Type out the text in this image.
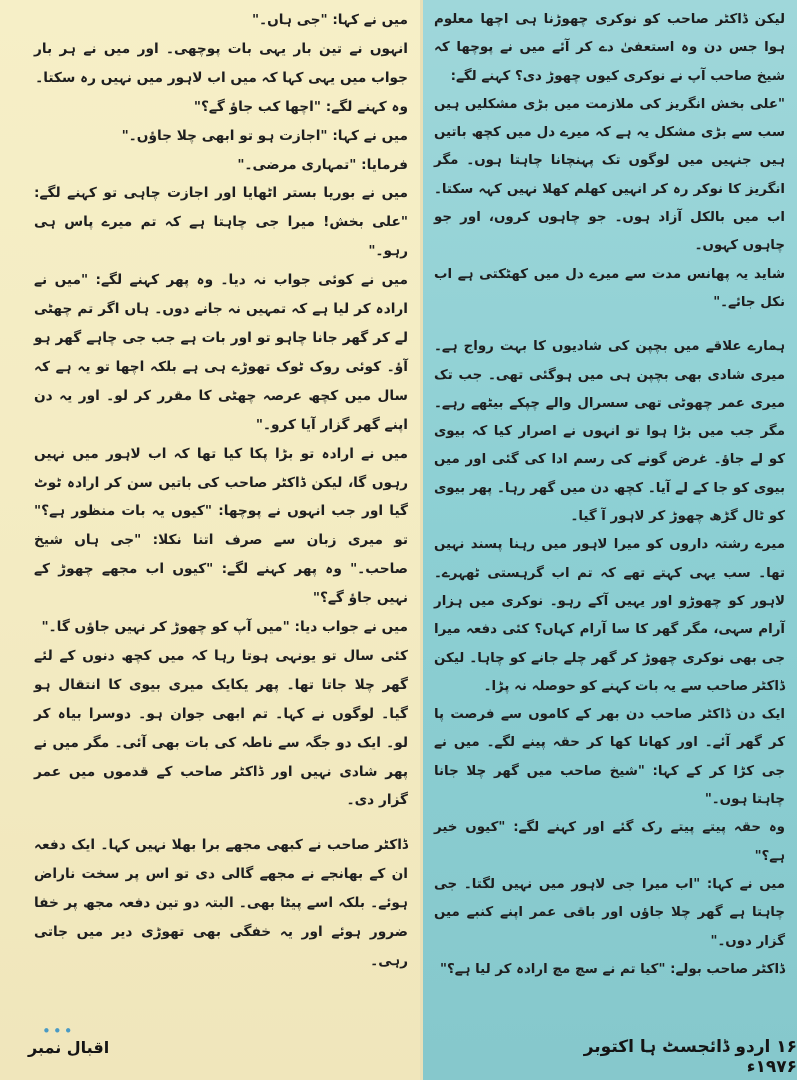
میں نے کہا: "جی ہاں۔"

انہوں نے تین بار یہی بات پوچھی۔ اور میں نے ہر بار جواب میں یہی کہا کہ میں اب لاہور میں نہیں رہ سکتا۔

وہ کہنے لگے: "اچھا کب جاؤ گے؟"

میں نے کہا: "اجازت ہو تو ابھی چلا جاؤں۔"

فرمایا: "تمہاری مرضی۔"

میں نے بوریا بستر اٹھایا اور اجازت چاہی تو کہنے لگے: "علی بخش! میرا جی چاہتا ہے کہ تم میرے پاس ہی رہو۔"

میں نے کوئی جواب نہ دیا۔ وہ پھر کہنے لگے: "میں نے ارادہ کر لیا ہے کہ تمہیں نہ جانے دوں۔ ہاں اگر تم چھٹی لے کر گھر جانا چاہو تو اور بات ہے جب جی چاہے گھر ہو آؤ۔ کوئی روک ٹوک تھوڑے ہی ہے بلکہ اچھا تو یہ ہے کہ سال میں کچھ عرصہ چھٹی کا مقرر کر لو۔ اور یہ دن اپنے گھر گزار آیا کرو۔"

میں نے ارادہ تو بڑا پکا کیا تھا کہ اب لاہور میں نہیں رہوں گا، لیکن ڈاکٹر صاحب کی باتیں سن کر ارادہ ٹوٹ گیا اور جب انہوں نے پوچھا: "کیوں یہ بات منظور ہے؟" تو میری زبان سے صرف اتنا نکلا: "جی ہاں شیخ صاحب۔" وہ پھر کہنے لگے: "کیوں اب مجھے چھوڑ کے نہیں جاؤ گے؟"

میں نے جواب دیا: "میں آپ کو چھوڑ کر نہیں جاؤں گا۔"

کئی سال تو یونہی ہوتا رہا کہ میں کچھ دنوں کے لئے گھر چلا جاتا تھا۔ پھر یکایک میری بیوی کا انتقال ہو گیا۔ لوگوں نے کہا۔ تم ابھی جوان ہو۔ دوسرا بیاہ کر لو۔ ایک دو جگہ سے ناطہ کی بات بھی آئی۔ مگر میں نے پھر شادی نہیں اور ڈاکٹر صاحب کے قدموں میں عمر گزار دی۔

ڈاکٹر صاحب نے کبھی مجھے برا بھلا نہیں کہا۔ ایک دفعہ ان کے بھانجے نے مجھے گالی دی تو اس پر سخت ناراض ہوئے۔ بلکہ اسے پیٹا بھی۔ البتہ دو تین دفعہ مجھ پر خفا ضرور ہوئے اور یہ خفگی بھی تھوڑی دیر میں جاتی رہی۔

•••
اقبال نمبر

لیکن ڈاکٹر صاحب کو نوکری چھوڑنا ہی اچھا معلوم ہوا جس دن وہ استعفیٰ دے کر آئے میں نے پوچھا کہ شیخ صاحب آپ نے نوکری کیوں چھوڑ دی؟ کہنے لگے:

"علی بخش انگریز کی ملازمت میں بڑی مشکلیں ہیں سب سے بڑی مشکل یہ ہے کہ میرے دل میں کچھ باتیں ہیں جنہیں میں لوگوں تک پہنچانا چاہتا ہوں۔ مگر انگریز کا نوکر رہ کر انہیں کھلم کھلا نہیں کہہ سکتا۔ اب میں بالکل آزاد ہوں۔ جو چاہوں کروں، اور جو چاہوں کہوں۔

شاید یہ پھانس مدت سے میرے دل میں کھٹکتی ہے اب نکل جائے۔"

ہمارے علاقے میں بچپن کی شادیوں کا بہت رواج ہے۔ میری شادی بھی بچپن ہی میں ہوگئی تھی۔ جب تک میری عمر چھوٹی تھی سسرال والے چپکے بیٹھے رہے۔ مگر جب میں بڑا ہوا تو انہوں نے اصرار کیا کہ بیوی کو لے جاؤ۔ غرض گونے کی رسم ادا کی گئی اور میں بیوی کو جا کے لے آیا۔ کچھ دن میں گھر رہا۔ پھر بیوی کو ٹال گڑھ چھوڑ کر لاہور آ گیا۔

میرے رشتہ داروں کو میرا لاہور میں رہنا پسند نہیں تھا۔ سب یہی کہتے تھے کہ تم اب گرہستی ٹھہرے۔ لاہور کو چھوڑو اور یہیں آکے رہو۔ نوکری میں ہزار آرام سہی، مگر گھر کا سا آرام کہاں؟ کئی دفعہ میرا جی بھی نوکری چھوڑ کر گھر چلے جانے کو چاہا۔ لیکن ڈاکٹر صاحب سے یہ بات کہنے کو حوصلہ نہ پڑا۔

ایک دن ڈاکٹر صاحب دن بھر کے کاموں سے فرصت پا کر گھر آئے۔ اور کھانا کھا کر حقہ پینے لگے۔ میں نے جی کڑا کر کے کہا: "شیخ صاحب میں گھر چلا جانا چاہتا ہوں۔"

وہ حقہ پیتے پیتے رک گئے اور کہنے لگے: "کیوں خیر ہے؟"

میں نے کہا: "اب میرا جی لاہور میں نہیں لگتا۔ جی چاہتا ہے گھر چلا جاؤں اور باقی عمر اپنے کنبے میں گزار دوں۔"

ڈاکٹر صاحب بولے: "کیا تم نے سچ مچ ارادہ کر لیا ہے؟"

۱۶ اردو ڈائجسٹ ہا اکتوبر ۱۹۷۶ء
